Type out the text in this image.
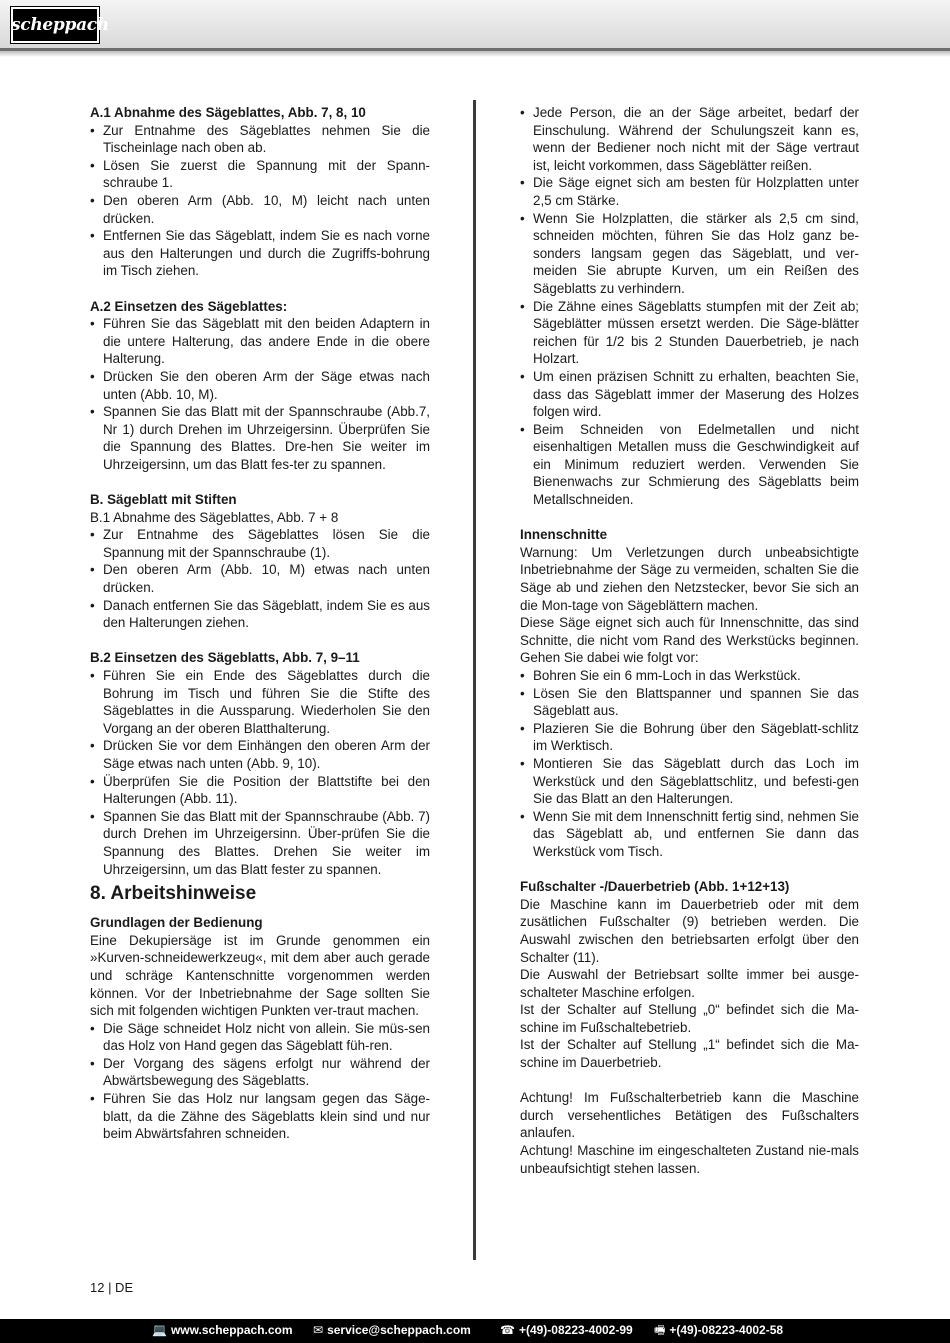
scheppach
A.1 Abnahme des Sägeblattes, Abb. 7, 8, 10
• Zur Entnahme des Sägeblattes nehmen Sie die Tischeinlage nach oben ab.
• Lösen Sie zuerst die Spannung mit der Spann-schraube 1.
• Den oberen Arm (Abb. 10, M) leicht nach unten drücken.
• Entfernen Sie das Sägeblatt, indem Sie es nach vorne aus den Halterungen und durch die Zugriffs-bohrung im Tisch ziehen.
A.2 Einsetzen des Sägeblattes:
• Führen Sie das Sägeblatt mit den beiden Adaptern in die untere Halterung, das andere Ende in die obere Halterung.
• Drücken Sie den oberen Arm der Säge etwas nach unten (Abb. 10, M).
• Spannen Sie das Blatt mit der Spannschraube (Abb.7, Nr 1) durch Drehen im Uhrzeigersinn. Überprüfen Sie die Spannung des Blattes. Dre-hen Sie weiter im Uhrzeigersinn, um das Blatt fes-ter zu spannen.
B. Sägeblatt mit Stiften
B.1 Abnahme des Sägeblattes, Abb. 7 + 8
• Zur Entnahme des Sägeblattes lösen Sie die Spannung mit der Spannschraube (1).
• Den oberen Arm (Abb. 10, M) etwas nach unten drücken.
• Danach entfernen Sie das Sägeblatt, indem Sie es aus den Halterungen ziehen.
B.2 Einsetzen des Sägeblatts, Abb. 7, 9–11
• Führen Sie ein Ende des Sägeblattes durch die Bohrung im Tisch und führen Sie die Stifte des Sägeblattes in die Aussparung. Wiederholen Sie den Vorgang an der oberen Blatthalterung.
• Drücken Sie vor dem Einhängen den oberen Arm der Säge etwas nach unten (Abb. 9, 10).
• Überprüfen Sie die Position der Blattstifte bei den Halterungen (Abb. 11).
• Spannen Sie das Blatt mit der Spannschraube (Abb. 7) durch Drehen im Uhrzeigersinn. Über-prüfen Sie die Spannung des Blattes. Drehen Sie weiter im Uhrzeigersinn, um das Blatt fester zu spannen.
8. Arbeitshinweise
Grundlagen der Bedienung
Eine Dekupiersäge ist im Grunde genommen ein »Kurven-schneidewerkzeug«, mit dem aber auch gerade und schräge Kantenschnitte vorgenommen werden können. Vor der Inbetriebnahme der Sage sollten Sie sich mit folgenden wichtigen Punkten ver-traut machen.
• Die Säge schneidet Holz nicht von allein. Sie müs-sen das Holz von Hand gegen das Sägeblatt füh-ren.
• Der Vorgang des sägens erfolgt nur während der Abwärtsbewegung des Sägeblatts.
• Führen Sie das Holz nur langsam gegen das Säge-blatt, da die Zähne des Sägeblatts klein sind und nur beim Abwärtsfahren schneiden.
• Jede Person, die an der Säge arbeitet, bedarf der Einschulung. Während der Schulungszeit kann es, wenn der Bediener noch nicht mit der Säge vertraut ist, leicht vorkommen, dass Sägeblätter reißen.
• Die Säge eignet sich am besten für Holzplatten unter 2,5 cm Stärke.
• Wenn Sie Holzplatten, die stärker als 2,5 cm sind, schneiden möchten, führen Sie das Holz ganz be-sonders langsam gegen das Sägeblatt, und ver-meiden Sie abrupte Kurven, um ein Reißen des Sägeblatts zu verhindern.
• Die Zähne eines Sägeblatts stumpfen mit der Zeit ab; Sägeblätter müssen ersetzt werden. Die Säge-blätter reichen für 1/2 bis 2 Stunden Dauerbetrieb, je nach Holzart.
• Um einen präzisen Schnitt zu erhalten, beachten Sie, dass das Sägeblatt immer der Maserung des Holzes folgen wird.
• Beim Schneiden von Edelmetallen und nicht eisenhaltigen Metallen muss die Geschwindigkeit auf ein Minimum reduziert werden. Verwenden Sie Bienenwachs zur Schmierung des Sägeblatts beim Metallschneiden.
Innenschnitte
Warnung: Um Verletzungen durch unbeabsichtigte Inbetriebnahme der Säge zu vermeiden, schalten Sie die Säge ab und ziehen den Netzstecker, bevor Sie sich an die Mon-tage von Sägeblättern machen.
Diese Säge eignet sich auch für Innenschnitte, das sind Schnitte, die nicht vom Rand des Werkstücks beginnen. Gehen Sie dabei wie folgt vor:
• Bohren Sie ein 6 mm-Loch in das Werkstück.
• Lösen Sie den Blattspanner und spannen Sie das Sägeblatt aus.
• Plazieren Sie die Bohrung über den Sägeblatt-schlitz im Werktisch.
• Montieren Sie das Sägeblatt durch das Loch im Werkstück und den Sägeblattschlitz, und befesti-gen Sie das Blatt an den Halterungen.
• Wenn Sie mit dem Innenschnitt fertig sind, nehmen Sie das Sägeblatt ab, und entfernen Sie dann das Werkstück vom Tisch.
Fußschalter -/Dauerbetrieb (Abb. 1+12+13)
Die Maschine kann im Dauerbetrieb oder mit dem zusätlichen Fußschalter (9) betrieben werden. Die Auswahl zwischen den betriebsarten erfolgt über den Schalter (11).
Die Auswahl der Betriebsart sollte immer bei ausge-schalteter Maschine erfolgen.
Ist der Schalter auf Stellung „0“ befindet sich die Ma-schine im Fußschaltebetrieb.
Ist der Schalter auf Stellung „1“ befindet sich die Ma-schine im Dauerbetrieb.
Achtung! Im Fußschalterbetrieb kann die Maschine durch versehentliches Betätigen des Fußschalters anlaufen.
Achtung! Maschine im eingeschalteten Zustand nie-mals unbeaufsichtigt stehen lassen.
12 | DE
💻 www.scheppach.com ✉ service@scheppach.com ☎ +(49)-08223-4002-99 🖷 +(49)-08223-4002-58
